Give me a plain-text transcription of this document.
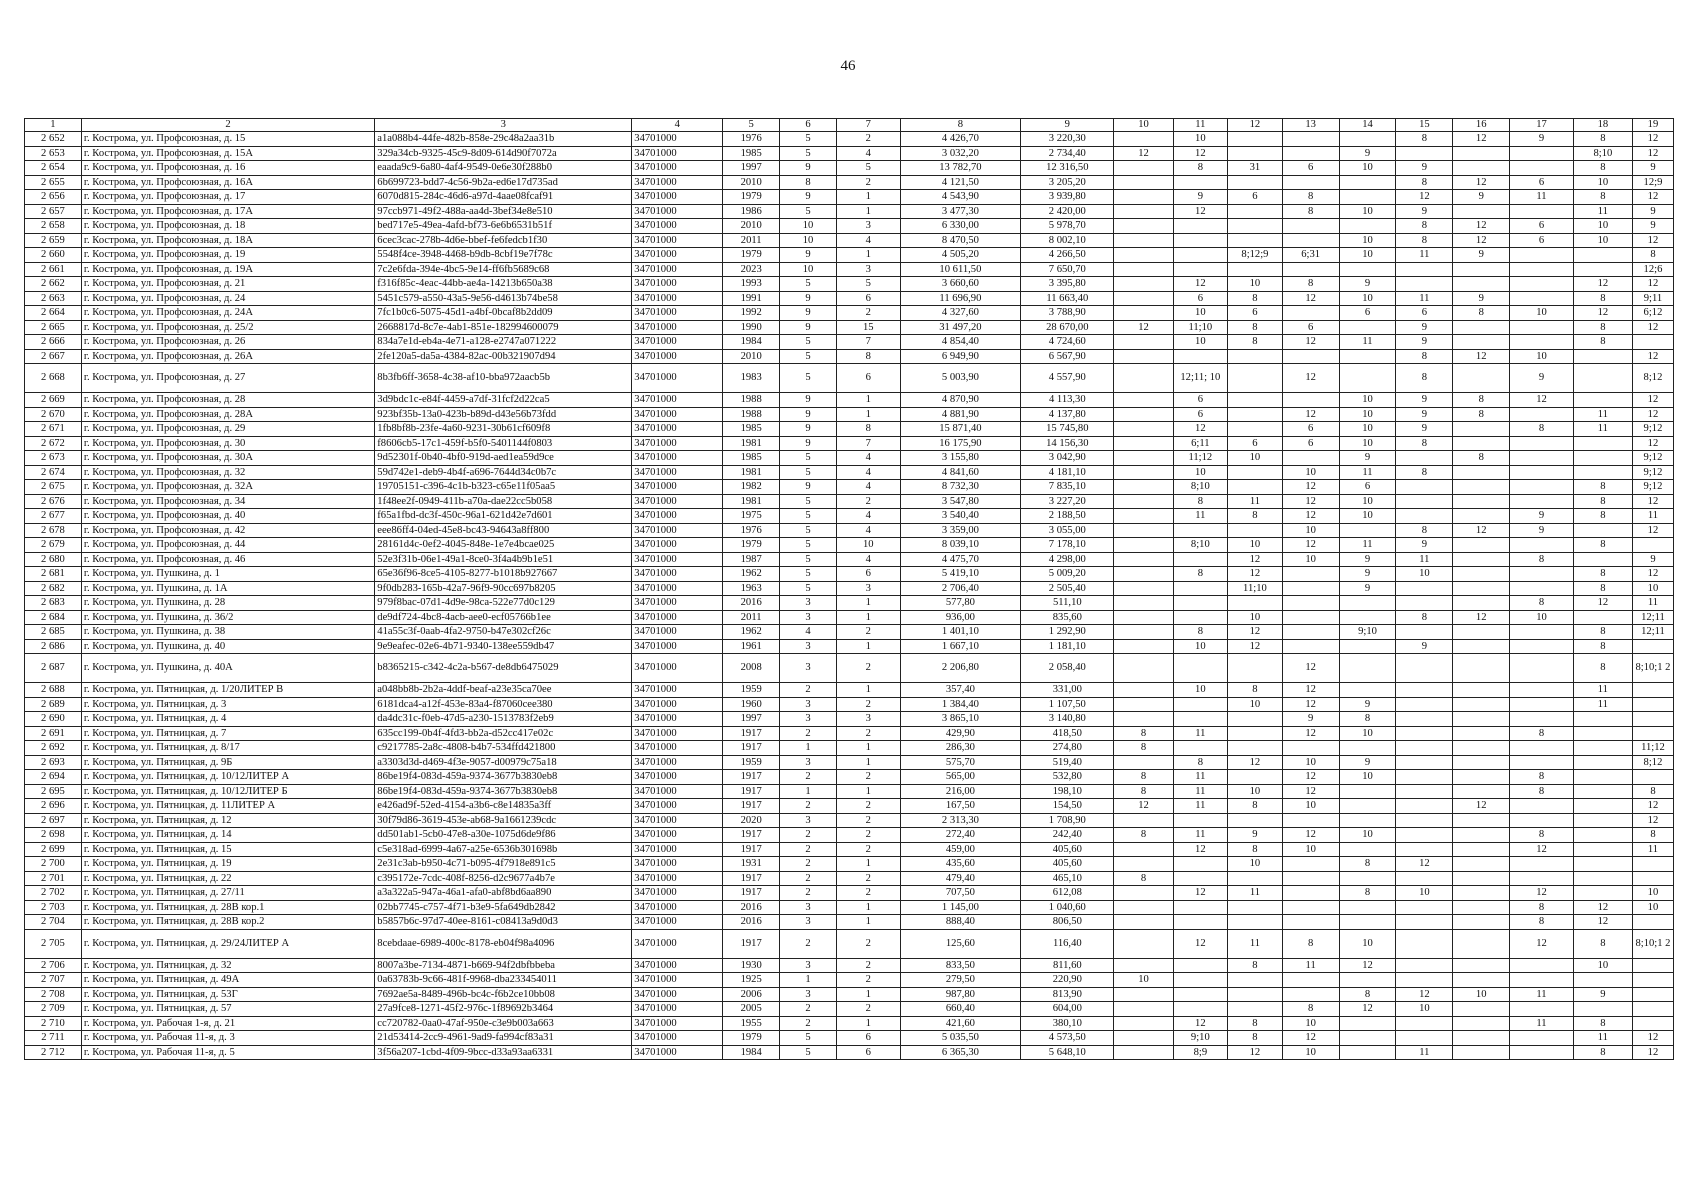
46
1	2	3	4	5	6	7	8	9	10	11	12	13	14	15	16	17	18	19
2 652	г. Кострома, ул. Профсоюзная, д. 15	a1a088b4-44fe-482b-858e-29c48a2aa31b	34701000	1976	5	2	4 426,70	3 220,30		10				8	12	9	8	12
2 653	г. Кострома, ул. Профсоюзная, д. 15А	329a34cb-9325-45c9-8d09-614d90f7072a	34701000	1985	5	4	3 032,20	2 734,40	12	12			9				8;10	12
2 654	г. Кострома, ул. Профсоюзная, д. 16	eaada9c9-6a80-4af4-9549-0e6e30f288b0	34701000	1997	9	5	13 782,70	12 316,50		8	31	6	10	9			8	9
2 655	г. Кострома, ул. Профсоюзная, д. 16А	6b699723-bdd7-4c56-9b2a-ed6e17d735ad	34701000	2010	8	2	4 121,50	3 205,20						8	12	6	10	12;9
2 656	г. Кострома, ул. Профсоюзная, д. 17	6070d815-284c-46d6-a97d-4aae08fcaf91	34701000	1979	9	1	4 543,90	3 939,80		9	6	8		12	9	11	8	12
2 657	г. Кострома, ул. Профсоюзная, д. 17А	97ccb971-49f2-488a-aa4d-3bef34e8e510	34701000	1986	5	1	3 477,30	2 420,00		12		8	10	9			11	9
2 658	г. Кострома, ул. Профсоюзная, д. 18	bed717e5-49ea-4afd-bf73-6e6b6531b51f	34701000	2010	10	3	6 330,00	5 978,70						8	12	6	10	9
2 659	г. Кострома, ул. Профсоюзная, д. 18А	6cec3cac-278b-4d6e-bbef-fe6fedcb1f30	34701000	2011	10	4	8 470,50	8 002,10					10	8	12	6	10	12
2 660	г. Кострома, ул. Профсоюзная, д. 19	5548f4ce-3948-4468-b9db-8cbf19e7f78c	34701000	1979	9	1	4 505,20	4 266,50			8;12;9	6;31	10	11	9			8
2 661	г. Кострома, ул. Профсоюзная, д. 19А	7c2e6fda-394e-4bc5-9e14-ff6fb5689c68	34701000	2023	10	3	10 611,50	7 650,70										12;6
2 662	г. Кострома, ул. Профсоюзная, д. 21	f316f85c-4eac-44bb-ae4a-14213b650a38	34701000	1993	5	5	3 660,60	3 395,80		12	10	8	9				12	12
2 663	г. Кострома, ул. Профсоюзная, д. 24	5451c579-a550-43a5-9e56-d4613b74be58	34701000	1991	9	6	11 696,90	11 663,40		6	8	12	10	11	9		8	9;11
2 664	г. Кострома, ул. Профсоюзная, д. 24А	7fc1b0c6-5075-45d1-a4bf-0bcaf8b2dd09	34701000	1992	9	2	4 327,60	3 788,90		10	6		6	6	8	10	12	6;12
2 665	г. Кострома, ул. Профсоюзная, д. 25/2	2668817d-8c7e-4ab1-851e-182994600079	34701000	1990	9	15	31 497,20	28 670,00	12	11;10	8	6		9			8	12
2 666	г. Кострома, ул. Профсоюзная, д. 26	834a7e1d-eb4a-4e71-a128-e2747a071222	34701000	1984	5	7	4 854,40	4 724,60		10	8	12	11	9			8	
2 667	г. Кострома, ул. Профсоюзная, д. 26А	2fe120a5-da5a-4384-82ac-00b321907d94	34701000	2010	5	8	6 949,90	6 567,90						8	12	10		12
2 668	г. Кострома, ул. Профсоюзная, д. 27	8b3fb6ff-3658-4c38-af10-bba972aacb5b	34701000	1983	5	6	5 003,90	4 557,90		12;11; 10		12		8		9		8;12
2 669	г. Кострома, ул. Профсоюзная, д. 28	3d9bdc1c-e84f-4459-a7df-31fcf2d22ca5	34701000	1988	9	1	4 870,90	4 113,30		6			10	9	8	12		12
2 670	г. Кострома, ул. Профсоюзная, д. 28А	923bf35b-13a0-423b-b89d-d43e56b73fdd	34701000	1988	9	1	4 881,90	4 137,80		6		12	10	9	8		11	12
2 671	г. Кострома, ул. Профсоюзная, д. 29	1fb8bf8b-23fe-4a60-9231-30b61cf609f8	34701000	1985	9	8	15 871,40	15 745,80		12		6	10	9		8	11	9;12
2 672	г. Кострома, ул. Профсоюзная, д. 30	f8606cb5-17c1-459f-b5f0-5401144f0803	34701000	1981	9	7	16 175,90	14 156,30		6;11	6	6	10	8				12
2 673	г. Кострома, ул. Профсоюзная, д. 30А	9d52301f-0b40-4bf0-919d-aed1ea59d9ce	34701000	1985	5	4	3 155,80	3 042,90		11;12	10		9		8			9;12
2 674	г. Кострома, ул. Профсоюзная, д. 32	59d742e1-deb9-4b4f-a696-7644d34c0b7c	34701000	1981	5	4	4 841,60	4 181,10		10		10	11	8				9;12
2 675	г. Кострома, ул. Профсоюзная, д. 32А	19705151-c396-4c1b-b323-c65e11f05aa5	34701000	1982	9	4	8 732,30	7 835,10		8;10		12	6				8	9;12
2 676	г. Кострома, ул. Профсоюзная, д. 34	1f48ee2f-0949-411b-a70a-dae22cc5b058	34701000	1981	5	2	3 547,80	3 227,20		8	11	12	10				8	12
2 677	г. Кострома, ул. Профсоюзная, д. 40	f65a1fbd-dc3f-450c-96a1-621d42e7d601	34701000	1975	5	4	3 540,40	2 188,50		11	8	12	10			9	8	11
2 678	г. Кострома, ул. Профсоюзная, д. 42	eee86ff4-04ed-45e8-bc43-94643a8ff800	34701000	1976	5	4	3 359,00	3 055,00				10		8	12	9		12
2 679	г. Кострома, ул. Профсоюзная, д. 44	28161d4c-0ef2-4045-848e-1e7e4bcae025	34701000	1979	5	10	8 039,10	7 178,10		8;10	10	12	11	9			8	
2 680	г. Кострома, ул. Профсоюзная, д. 46	52e3f31b-06e1-49a1-8ce0-3f4a4b9b1e51	34701000	1987	5	4	4 475,70	4 298,00			12	10	9	11		8		9
2 681	г. Кострома, ул. Пушкина, д. 1	65e36f96-8ce5-4105-8277-b1018b927667	34701000	1962	5	6	5 419,10	5 009,20		8	12		9	10			8	12
2 682	г. Кострома, ул. Пушкина, д. 1А	9f0db283-165b-42a7-96f9-90cc697b8205	34701000	1963	5	3	2 706,40	2 505,40			11;10		9				8	10
2 683	г. Кострома, ул. Пушкина, д. 28	979f8bac-07d1-4d9e-98ca-522e77d0c129	34701000	2016	3	1	577,80	511,10								8	12	11
2 684	г. Кострома, ул. Пушкина, д. 36/2	de9df724-4bc8-4acb-aee0-ecf05766b1ee	34701000	2011	3	1	936,00	835,60			10			8	12	10		12;11
2 685	г. Кострома, ул. Пушкина, д. 38	41a55c3f-0aab-4fa2-9750-b47e302cf26c	34701000	1962	4	2	1 401,10	1 292,90		8	12		9;10				8	12;11
2 686	г. Кострома, ул. Пушкина, д. 40	9e9eafec-02e6-4b71-9340-138ee559db47	34701000	1961	3	1	1 667,10	1 181,10		10	12			9			8	
2 687	г. Кострома, ул. Пушкина, д. 40А	b8365215-c342-4c2a-b567-de8db6475029	34701000	2008	3	2	2 206,80	2 058,40				12					8	8;10;1 2
2 688	г. Кострома, ул. Пятницкая, д. 1/20ЛИТЕР В	a048bb8b-2b2a-4ddf-beaf-a23e35ca70ee	34701000	1959	2	1	357,40	331,00		10	8	12					11	
2 689	г. Кострома, ул. Пятницкая, д. 3	6181dca4-a12f-453e-83a4-f87060cee380	34701000	1960	3	2	1 384,40	1 107,50			10	12	9				11	
2 690	г. Кострома, ул. Пятницкая, д. 4	da4dc31c-f0eb-47d5-a230-1513783f2eb9	34701000	1997	3	3	3 865,10	3 140,80				9	8					
2 691	г. Кострома, ул. Пятницкая, д. 7	635cc199-0b4f-4fd3-bb2a-d52cc417e02c	34701000	1917	2	2	429,90	418,50	8	11		12	10			8		
2 692	г. Кострома, ул. Пятницкая, д. 8/17	c9217785-2a8c-4808-b4b7-534ffd421800	34701000	1917	1	1	286,30	274,80	8									11;12
2 693	г. Кострома, ул. Пятницкая, д. 9Б	a3303d3d-d469-4f3e-9057-d00979c75a18	34701000	1959	3	1	575,70	519,40		8	12	10	9					8;12
2 694	г. Кострома, ул. Пятницкая, д. 10/12ЛИТЕР А	86be19f4-083d-459a-9374-3677b3830eb8	34701000	1917	2	2	565,00	532,80	8	11		12	10			8		
2 695	г. Кострома, ул. Пятницкая, д. 10/12ЛИТЕР Б	86be19f4-083d-459a-9374-3677b3830eb8	34701000	1917	1	1	216,00	198,10	8	11	10	12				8		8
2 696	г. Кострома, ул. Пятницкая, д. 11ЛИТЕР А	e426ad9f-52ed-4154-a3b6-c8e14835a3ff	34701000	1917	2	2	167,50	154,50	12	11	8	10			12			12
2 697	г. Кострома, ул. Пятницкая, д. 12	30f79d86-3619-453e-ab68-9a1661239cdc	34701000	2020	3	2	2 313,30	1 708,90										12
2 698	г. Кострома, ул. Пятницкая, д. 14	dd501ab1-5cb0-47e8-a30e-1075d6de9f86	34701000	1917	2	2	272,40	242,40	8	11	9	12	10			8		8
2 699	г. Кострома, ул. Пятницкая, д. 15	c5e318ad-6999-4a67-a25e-6536b301698b	34701000	1917	2	2	459,00	405,60		12	8	10				12		11
2 700	г. Кострома, ул. Пятницкая, д. 19	2e31c3ab-b950-4c71-b095-4f7918e891c5	34701000	1931	2	1	435,60	405,60			10		8	12				
2 701	г. Кострома, ул. Пятницкая, д. 22	c395172e-7cdc-408f-8256-d2c9677a4b7e	34701000	1917	2	2	479,40	465,10	8									
2 702	г. Кострома, ул. Пятницкая, д. 27/11	a3a322a5-947a-46a1-afa0-abf8bd6aa890	34701000	1917	2	2	707,50	612,08		12	11		8	10		12		10
2 703	г. Кострома, ул. Пятницкая, д. 28В кор.1	02bb7745-c757-4f71-b3e9-5fa649db2842	34701000	2016	3	1	1 145,00	1 040,60								8	12	10
2 704	г. Кострома, ул. Пятницкая, д. 28В кор.2	b5857b6c-97d7-40ee-8161-c08413a9d0d3	34701000	2016	3	1	888,40	806,50								8	12	
2 705	г. Кострома, ул. Пятницкая, д. 29/24ЛИТЕР А	8cebdaae-6989-400c-8178-eb04f98a4096	34701000	1917	2	2	125,60	116,40		12	11	8	10			12	8	8;10;1 2
2 706	г. Кострома, ул. Пятницкая, д. 32	8007a3be-7134-4871-b669-94f2dbfbbeba	34701000	1930	3	2	833,50	811,60			8	11	12				10	
2 707	г. Кострома, ул. Пятницкая, д. 49А	0a63783b-9c66-481f-9968-dba233454011	34701000	1925	1	2	279,50	220,90	10									
2 708	г. Кострома, ул. Пятницкая, д. 53Г	7692ae5a-8489-496b-bc4c-f6b2ce10bb08	34701000	2006	3	1	987,80	813,90					8	12	10	11	9	
2 709	г. Кострома, ул. Пятницкая, д. 57	27a9fce8-1271-45f2-976c-1f89692b3464	34701000	2005	2	2	660,40	604,00				8	12	10				
2 710	г. Кострома, ул. Рабочая 1-я, д. 21	cc720782-0aa0-47af-950e-c3e9b003a663	34701000	1955	2	1	421,60	380,10		12	8	10				11	8	
2 711	г. Кострома, ул. Рабочая 11-я, д. 3	21d53414-2cc9-4961-9ad9-fa994cf83a31	34701000	1979	5	6	5 035,50	4 573,50		9;10	8	12					11	12
2 712	г. Кострома, ул. Рабочая 11-я, д. 5	3f56a207-1cbd-4f09-9bcc-d33a93aa6331	34701000	1984	5	6	6 365,30	5 648,10		8;9	12	10		11			8	12
